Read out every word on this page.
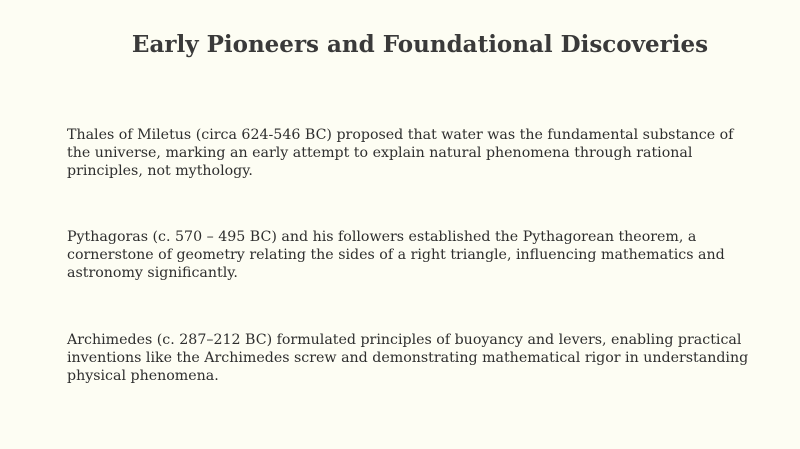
Early Pioneers and Foundational Discoveries

Thales of Miletus (circa 624-546 BC) proposed that water was the fundamental substance of the universe, marking an early attempt to explain natural phenomena through rational principles, not mythology.

Pythagoras (c. 570 – 495 BC) and his followers established the Pythagorean theorem, a cornerstone of geometry relating the sides of a right triangle, influencing mathematics and astronomy significantly.

Archimedes (c. 287–212 BC) formulated principles of buoyancy and levers, enabling practical inventions like the Archimedes screw and demonstrating mathematical rigor in understanding physical phenomena.
